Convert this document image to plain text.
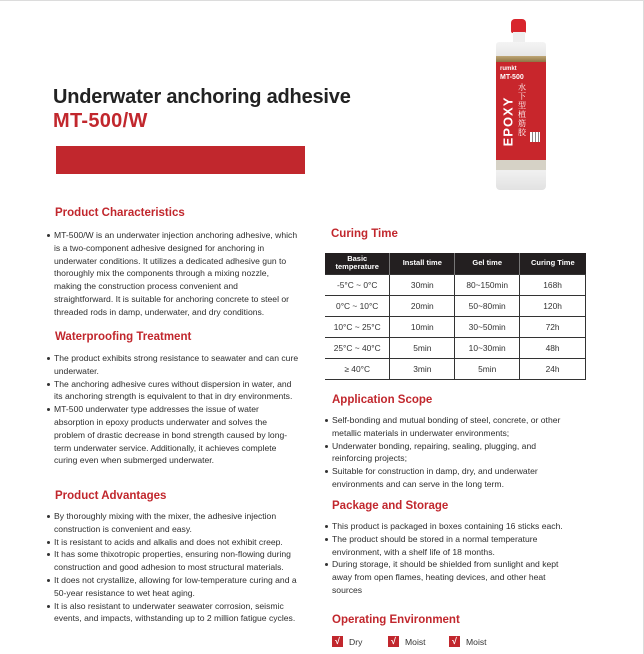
Underwater anchoring adhesive
MT-500/W
rumkt
MT-500
EPOXY
水下型植筋胶
Product Characteristics
MT-500/W is an underwater injection anchoring adhesive, which is a two-component adhesive designed for anchoring in underwater conditions. It utilizes a dedicated adhesive gun to thoroughly mix the components through a mixing nozzle, making the construction process convenient and straightforward. It is suitable for anchoring concrete to steel or threaded rods in damp, underwater, and dry conditions.
Waterproofing Treatment
The product exhibits strong resistance to seawater and can cure underwater.
The anchoring adhesive cures without dispersion in water, and its anchoring strength is equivalent to that in dry environments.
MT-500 underwater type addresses the issue of water absorption in epoxy products underwater and solves the problem of drastic decrease in bond strength caused by long-term underwater service. Additionally, it achieves complete curing even when submerged underwater.
Product Advantages
By thoroughly mixing with the mixer, the adhesive injection construction is convenient and easy.
It is resistant to acids and alkalis and does not exhibit creep.
It has some thixotropic properties, ensuring non-flowing during construction and good adhesion to most structural materials.
It does not crystallize, allowing for low-temperature curing and a 50-year resistance to wet heat aging.
It is also resistant to underwater seawater corrosion, seismic events, and impacts, withstanding up to 2 million fatigue cycles.
Curing Time
Basic temperature	Install time	Gel time	Curing Time
-5°C ~ 0°C	30min	80~150min	168h
0°C ~ 10°C	20min	50~80min	120h
10°C ~ 25°C	10min	30~50min	72h
25°C ~ 40°C	5min	10~30min	48h
≥ 40°C	3min	5min	24h
Application Scope
Self-bonding and mutual bonding of steel, concrete, or other metallic materials in underwater environments;
Underwater bonding, repairing, sealing, plugging, and reinforcing projects;
Suitable for construction in damp, dry, and underwater environments and can serve in the long term.
Package and Storage
This product is packaged in boxes containing 16 sticks each.
The product should be stored in a normal temperature environment, with a shelf life of 18 months.
During storage, it should be shielded from sunlight and kept away from open flames, heating devices, and other heat sources
Operating Environment
√	Dry	√	Moist	√	Moist
